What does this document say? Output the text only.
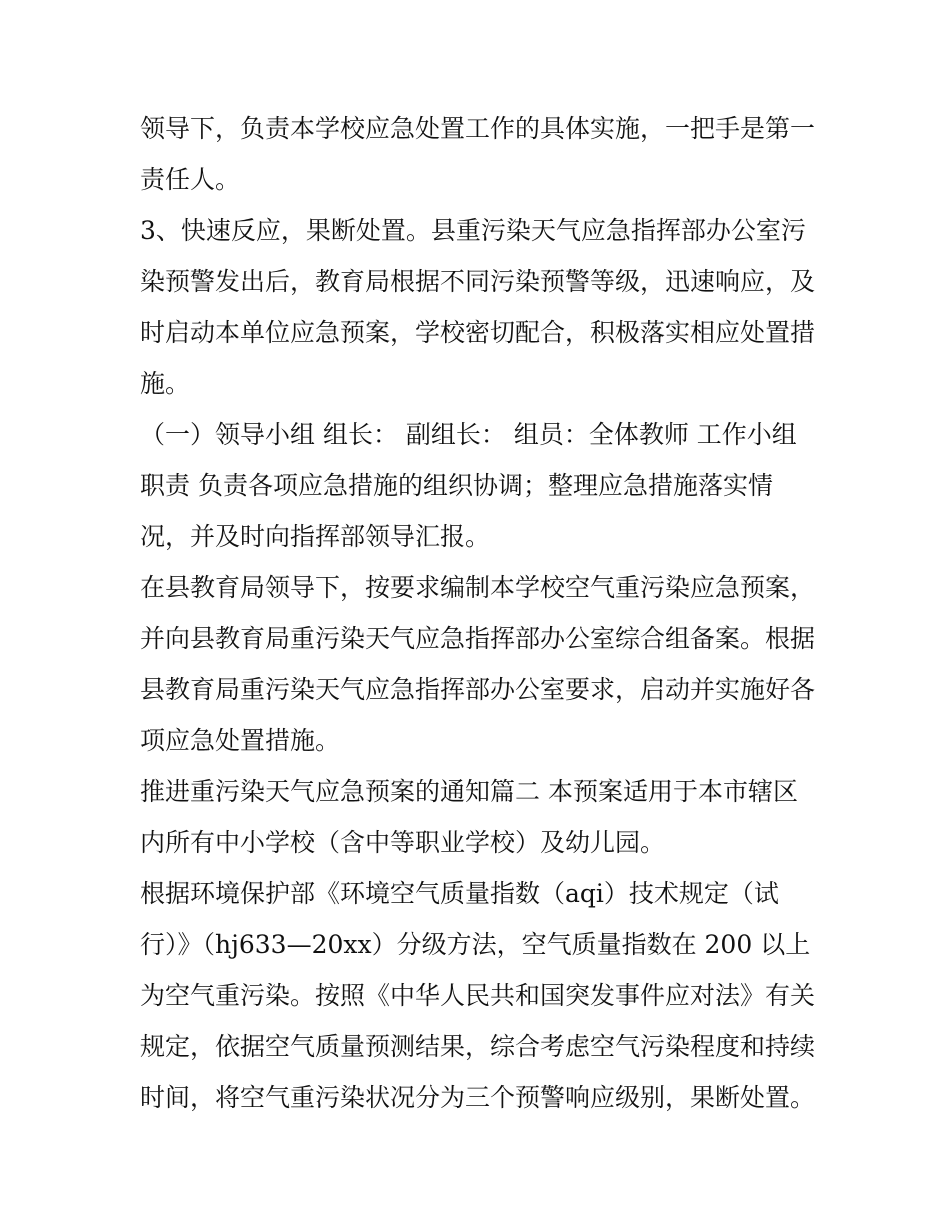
领导下，负责本学校应急处置工作的具体实施，一把手是第一
责任人。
3、快速反应，果断处置。县重污染天气应急指挥部办公室污
染预警发出后，教育局根据不同污染预警等级，迅速响应，及
时启动本单位应急预案，学校密切配合，积极落实相应处置措
施。
（一）领导小组 组长： 副组长： 组员：全体教师 工作小组
职责 负责各项应急措施的组织协调；整理应急措施落实情
况，并及时向指挥部领导汇报。
在县教育局领导下，按要求编制本学校空气重污染应急预案，
并向县教育局重污染天气应急指挥部办公室综合组备案。根据
县教育局重污染天气应急指挥部办公室要求，启动并实施好各
项应急处置措施。
推进重污染天气应急预案的通知篇二 本预案适用于本市辖区
内所有中小学校（含中等职业学校）及幼儿园。
根据环境保护部《环境空气质量指数（aqi）技术规定（试
行）》（hj633—20xx）分级方法，空气质量指数在 200 以上
为空气重污染。按照《中华人民共和国突发事件应对法》有关
规定，依据空气质量预测结果，综合考虑空气污染程度和持续
时间，将空气重污染状况分为三个预警响应级别，果断处置。
